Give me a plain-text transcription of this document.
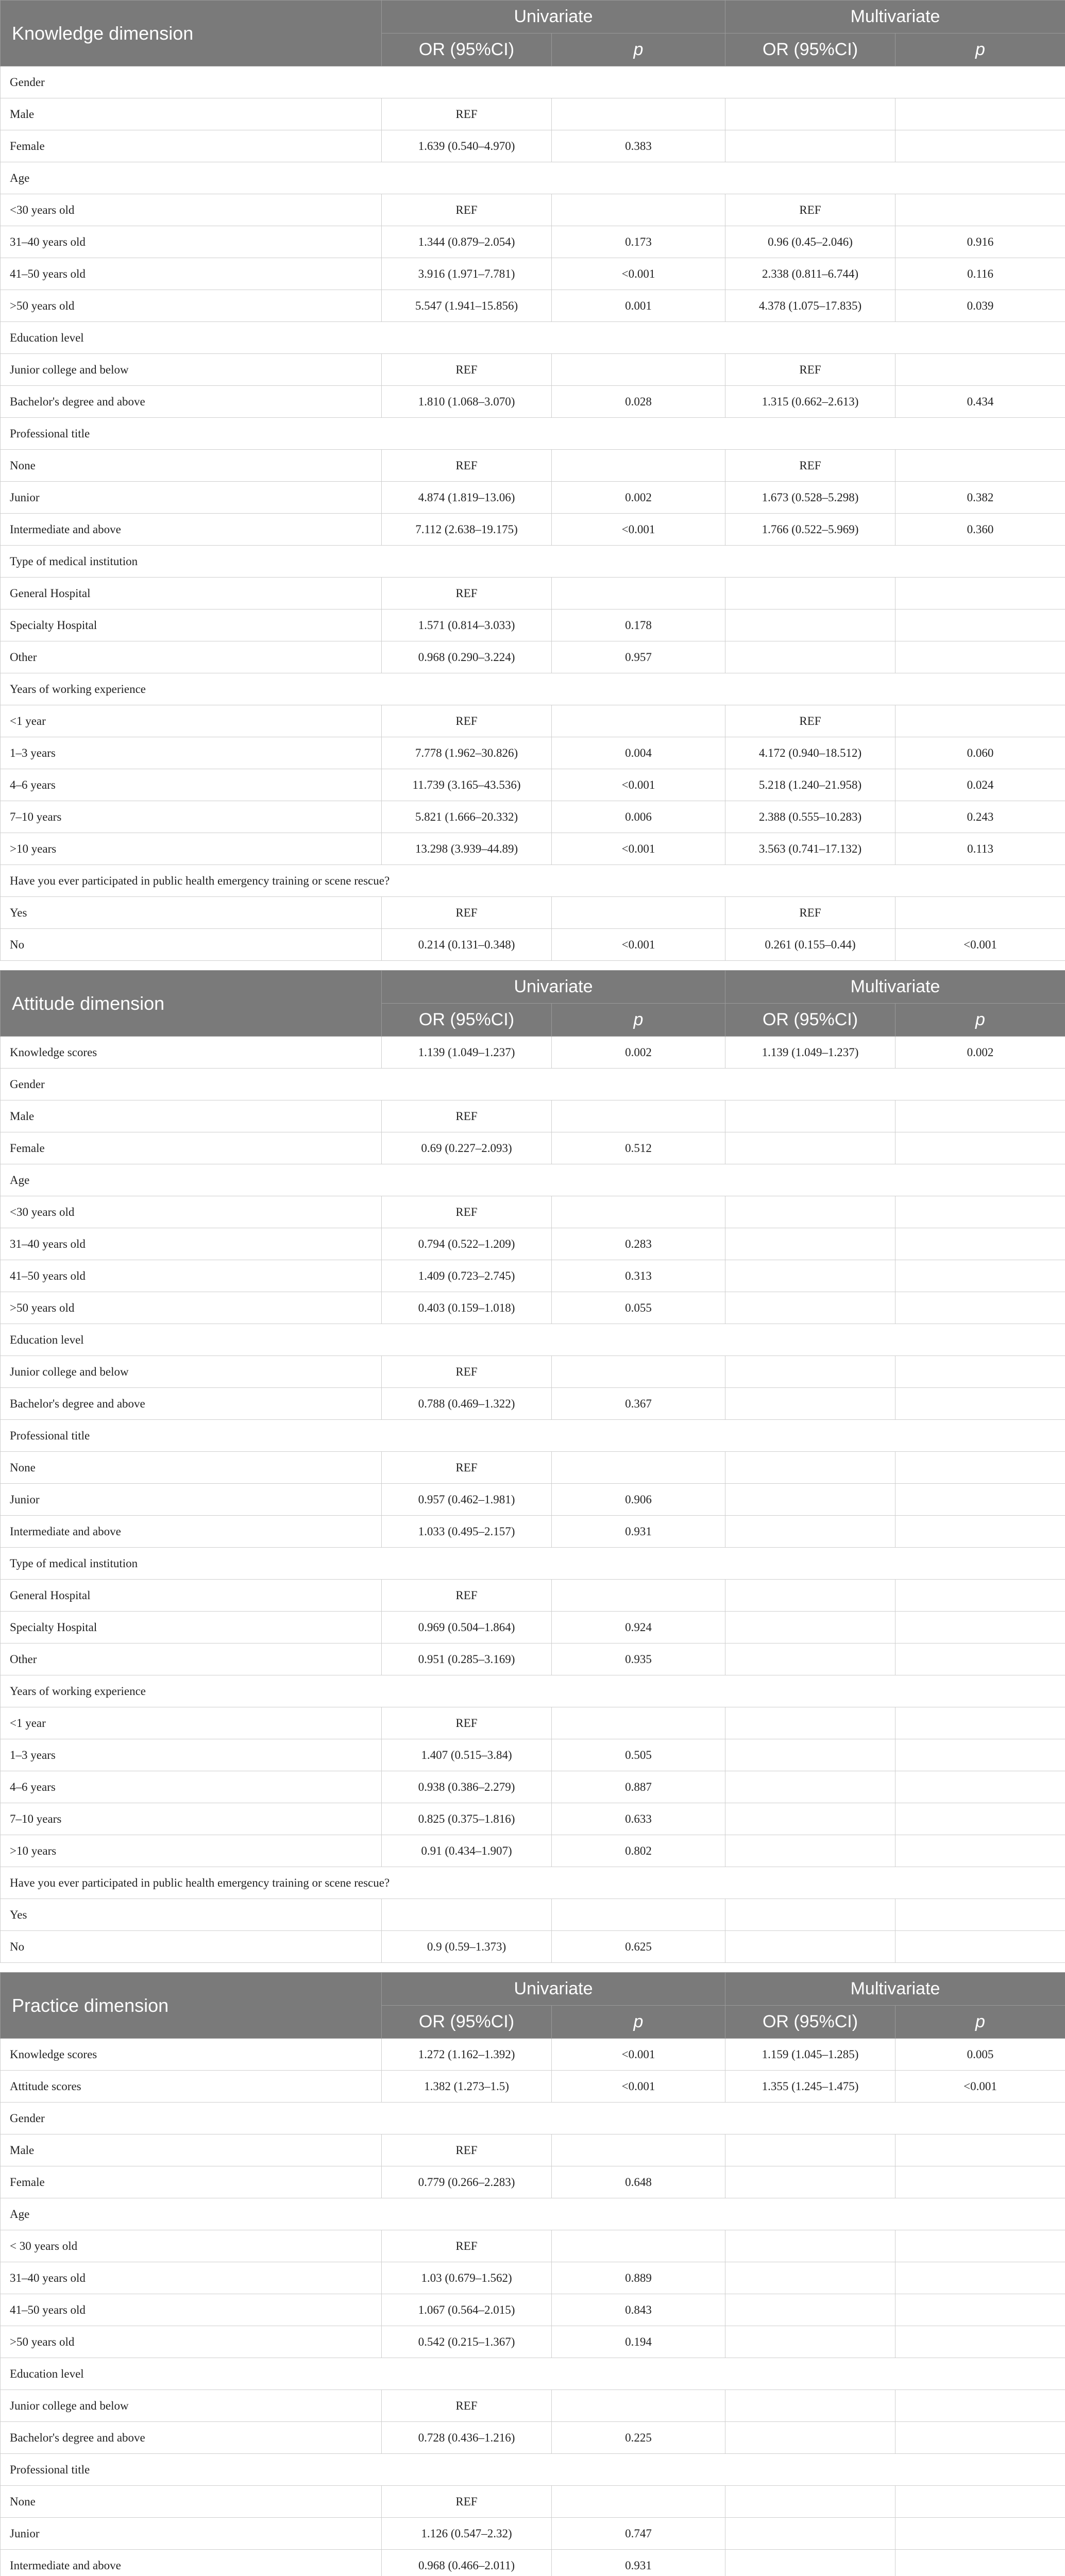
Knowledge dimension	Univariate		Multivariate	
	OR (95%CI)	p	OR (95%CI)	p
Gender				
Male	REF			
Female	1.639 (0.540–4.970)	0.383		
Age				
<30 years old	REF		REF	
31–40 years old	1.344 (0.879–2.054)	0.173	0.96 (0.45–2.046)	0.916
41–50 years old	3.916 (1.971–7.781)	<0.001	2.338 (0.811–6.744)	0.116
>50 years old	5.547 (1.941–15.856)	0.001	4.378 (1.075–17.835)	0.039
Education level				
Junior college and below	REF		REF	
Bachelor's degree and above	1.810 (1.068–3.070)	0.028	1.315 (0.662–2.613)	0.434
Professional title				
None	REF		REF	
Junior	4.874 (1.819–13.06)	0.002	1.673 (0.528–5.298)	0.382
Intermediate and above	7.112 (2.638–19.175)	<0.001	1.766 (0.522–5.969)	0.360
Type of medical institution				
General Hospital	REF			
Specialty Hospital	1.571 (0.814–3.033)	0.178		
Other	0.968 (0.290–3.224)	0.957		
Years of working experience				
<1 year	REF		REF	
1–3 years	7.778 (1.962–30.826)	0.004	4.172 (0.940–18.512)	0.060
4–6 years	11.739 (3.165–43.536)	<0.001	5.218 (1.240–21.958)	0.024
7–10 years	5.821 (1.666–20.332)	0.006	2.388 (0.555–10.283)	0.243
>10 years	13.298 (3.939–44.89)	<0.001	3.563 (0.741–17.132)	0.113
Have you ever participated in public health emergency training or scene rescue?				
Yes	REF		REF	
No	0.214 (0.131–0.348)	<0.001	0.261 (0.155–0.44)	<0.001

Attitude dimension	Univariate		Multivariate	
	OR (95%CI)	p	OR (95%CI)	p
Knowledge scores	1.139 (1.049–1.237)	0.002	1.139 (1.049–1.237)	0.002
Gender				
Male	REF			
Female	0.69 (0.227–2.093)	0.512		
Age				
<30 years old	REF			
31–40 years old	0.794 (0.522–1.209)	0.283		
41–50 years old	1.409 (0.723–2.745)	0.313		
>50 years old	0.403 (0.159–1.018)	0.055		
Education level				
Junior college and below	REF			
Bachelor's degree and above	0.788 (0.469–1.322)	0.367		
Professional title				
None	REF			
Junior	0.957 (0.462–1.981)	0.906		
Intermediate and above	1.033 (0.495–2.157)	0.931		
Type of medical institution				
General Hospital	REF			
Specialty Hospital	0.969 (0.504–1.864)	0.924		
Other	0.951 (0.285–3.169)	0.935		
Years of working experience				
<1 year	REF			
1–3 years	1.407 (0.515–3.84)	0.505		
4–6 years	0.938 (0.386–2.279)	0.887		
7–10 years	0.825 (0.375–1.816)	0.633		
>10 years	0.91 (0.434–1.907)	0.802		
Have you ever participated in public health emergency training or scene rescue?				
Yes				
No	0.9 (0.59–1.373)	0.625		

Practice dimension	Univariate		Multivariate	
	OR (95%CI)	p	OR (95%CI)	p
Knowledge scores	1.272 (1.162–1.392)	<0.001	1.159 (1.045–1.285)	0.005
Attitude scores	1.382 (1.273–1.5)	<0.001	1.355 (1.245–1.475)	<0.001
Gender				
Male	REF			
Female	0.779 (0.266–2.283)	0.648		
Age				
< 30 years old	REF			
31–40 years old	1.03 (0.679–1.562)	0.889		
41–50 years old	1.067 (0.564–2.015)	0.843		
>50 years old	0.542 (0.215–1.367)	0.194		
Education level				
Junior college and below	REF			
Bachelor's degree and above	0.728 (0.436–1.216)	0.225		
Professional title				
None	REF			
Junior	1.126 (0.547–2.32)	0.747		
Intermediate and above	0.968 (0.466–2.011)	0.931		
